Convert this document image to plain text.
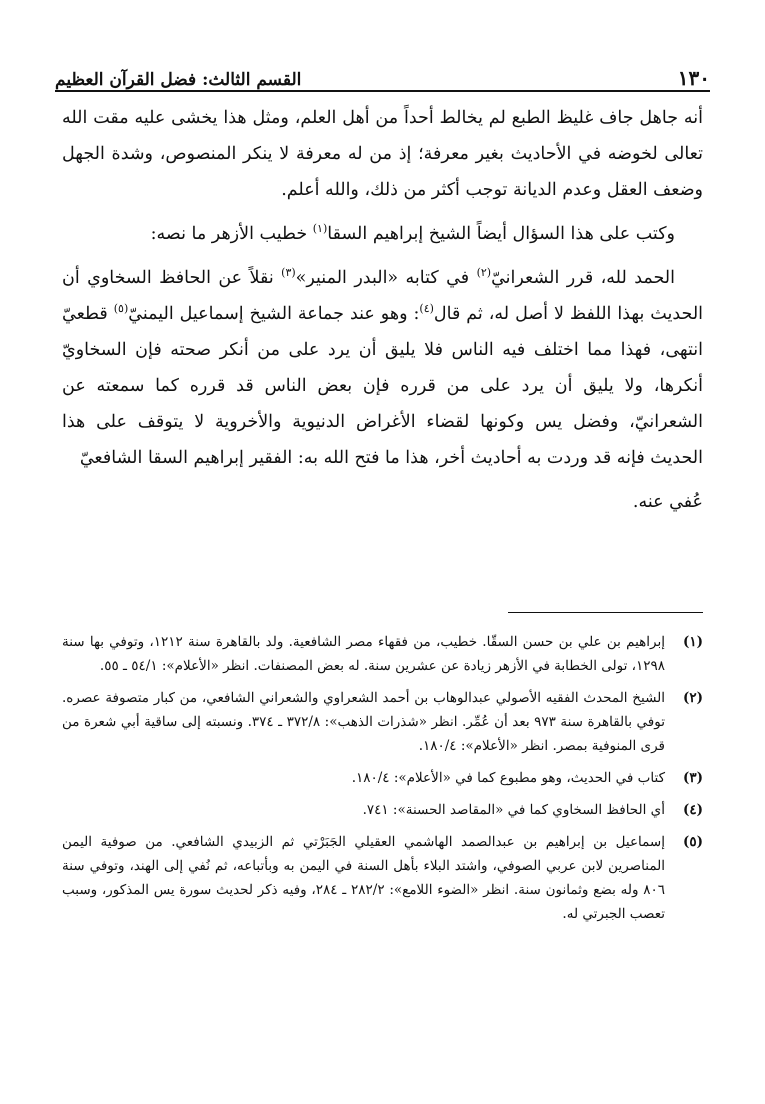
١٣٠
القسم الثالث: فضل القرآن العظيم

أنه جاهل جاف غليظ الطبع لم يخالط أحداً من أهل العلم، ومثل هذا يخشى عليه مقت الله تعالى لخوضه في الأحاديث بغير معرفة؛ إذ من له معرفة لا ينكر المنصوص، وشدة الجهل وضعف العقل وعدم الديانة توجب أكثر من ذلك، والله أعلم.

وكتب على هذا السؤال أيضاً الشيخ إبراهيم السقا$^{(١)}$ خطيب الأزهر ما نصه:

الحمد لله، قرر الشعرانيّ$^{(٢)}$ في كتابه «البدر المنير»$^{(٣)}$ نقلاً عن الحافظ السخاوي أن الحديث بهذا اللفظ لا أصل له، ثم قال$^{(٤)}$: وهو عند جماعة الشيخ إسماعيل اليمنيّ$^{(٥)}$ قطعيّ انتهى، فهذا مما اختلف فيه الناس فلا يليق أن يرد على من أنكر صحته فإن السخاويّ أنكرها، ولا يليق أن يرد على من قرره فإن بعض الناس قد قرره كما سمعته عن الشعرانيّ، وفضل يس وكونها لقضاء الأغراض الدنيوية والأخروية لا يتوقف على هذا الحديث فإنه قد وردت به أحاديث أخر، هذا ما فتح الله به: الفقير إبراهيم السقا الشافعيّ

عُفي عنه.

(١)
إبراهيم بن علي بن حسن السقّا. خطيب، من فقهاء مصر الشافعية. ولد بالقاهرة سنة ١٢١٢، وتوفي بها سنة ١٢٩٨، تولى الخطابة في الأزهر زيادة عن عشرين سنة. له بعض المصنفات. انظر «الأعلام»: ٥٤/١ ـ ٥٥.
(٢)
الشيخ المحدث الفقيه الأصولي عبدالوهاب بن أحمد الشعراوي والشعراني الشافعي، من كبار متصوفة عصره. توفي بالقاهرة سنة ٩٧٣ بعد أن عُمِّر. انظر «شذرات الذهب»: ٣٧٢/٨ ـ ٣٧٤. ونسبته إلى ساقية أبي شعرة من قرى المنوفية بمصر. انظر «الأعلام»: ١٨٠/٤.
(٣)
كتاب في الحديث، وهو مطبوع كما في «الأعلام»: ١٨٠/٤.
(٤)
أي الحافظ السخاوي كما في «المقاصد الحسنة»: ٧٤١.
(٥)
إسماعيل بن إبراهيم بن عبدالصمد الهاشمي العقيلي الجَبَرْتي ثم الزبيدي الشافعي. من صوفية اليمن المناصرين لابن عربي الصوفي، واشتد البلاء بأهل السنة في اليمن به وبأتباعه، ثم نُفي إلى الهند، وتوفي سنة ٨٠٦ وله بضع وثمانون سنة. انظر «الضوء اللامع»: ٢٨٢/٢ ـ ٢٨٤، وفيه ذكر لحديث سورة يس المذكور، وسبب تعصب الجبرتي له.
